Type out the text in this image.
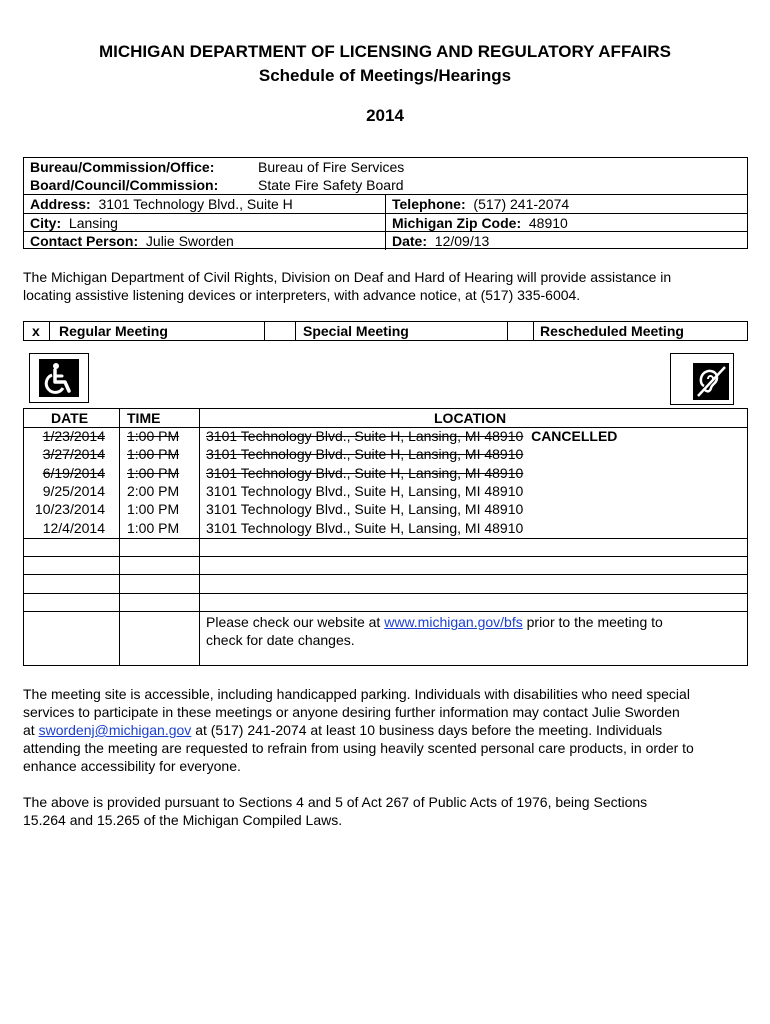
MICHIGAN DEPARTMENT OF LICENSING AND REGULATORY AFFAIRS
Schedule of Meetings/Hearings
2014
Bureau/Commission/Office:	Bureau of Fire Services
Board/Council/Commission:	State Fire Safety Board
Address: 3101 Technology Blvd., Suite H	Telephone: (517) 241-2074
City: Lansing	Michigan Zip Code: 48910
Contact Person: Julie Sworden	Date: 12/09/13
The Michigan Department of Civil Rights, Division on Deaf and Hard of Hearing will provide assistance in
locating assistive listening devices or interpreters, with advance notice, at (517) 335-6004.
x Regular Meeting	Special Meeting	Rescheduled Meeting
DATE	TIME	LOCATION
1/23/2014 1:00 PM 3101 Technology Blvd., Suite H, Lansing, MI 48910 CANCELLED
3/27/2014 1:00 PM 3101 Technology Blvd., Suite H, Lansing, MI 48910
6/19/2014 1:00 PM 3101 Technology Blvd., Suite H, Lansing, MI 48910
9/25/2014 2:00 PM 3101 Technology Blvd., Suite H, Lansing, MI 48910
10/23/2014 1:00 PM 3101 Technology Blvd., Suite H, Lansing, MI 48910
12/4/2014 1:00 PM 3101 Technology Blvd., Suite H, Lansing, MI 48910
Please check our website at www.michigan.gov/bfs prior to the meeting to
check for date changes.
The meeting site is accessible, including handicapped parking. Individuals with disabilities who need special
services to participate in these meetings or anyone desiring further information may contact Julie Sworden
at swordenj@michigan.gov at (517) 241-2074 at least 10 business days before the meeting. Individuals
attending the meeting are requested to refrain from using heavily scented personal care products, in order to
enhance accessibility for everyone.
The above is provided pursuant to Sections 4 and 5 of Act 267 of Public Acts of 1976, being Sections
15.264 and 15.265 of the Michigan Compiled Laws.
